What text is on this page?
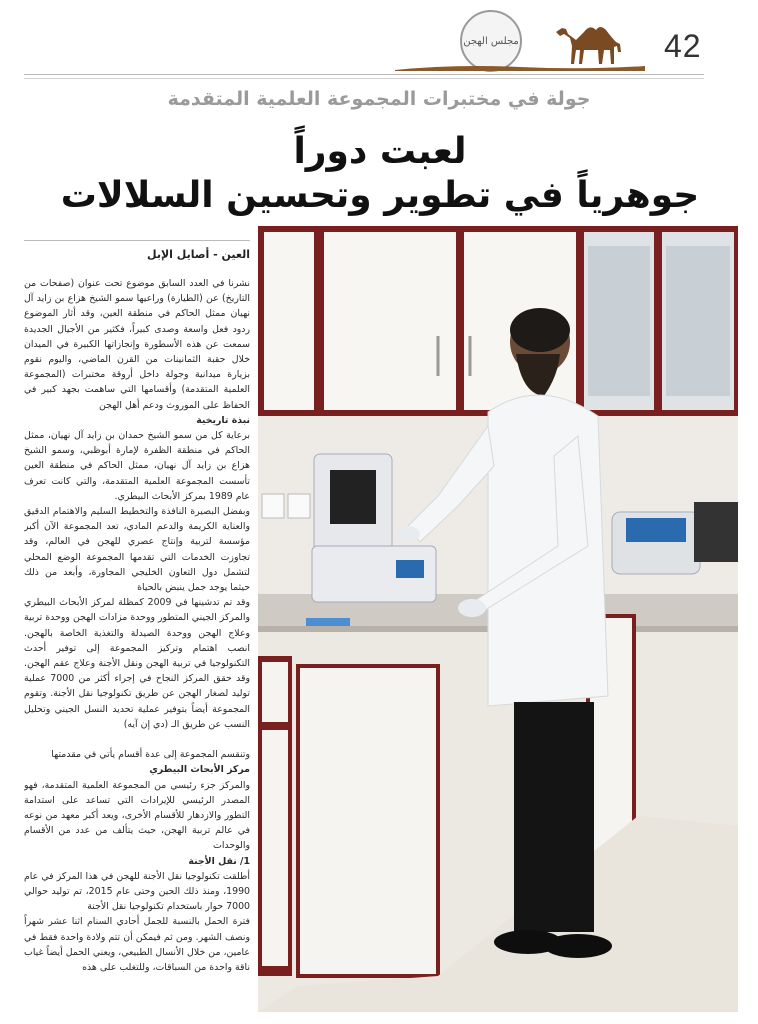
مجلس الهجن	42
جولة في مختبرات المجموعة العلمية المتقدمة
لعبت دوراً
جوهرياً في تطوير وتحسين السلالات
العين - أصايل الإبل

نشرنا في العدد السابق موضوع تحت عنوان (صفحات من التاريخ) عن (الطيارة) وراعيها سمو الشيخ هزاع بن زايد آل نهيان ممثل الحاكم في منطقة العين، وقد أثار الموضوع ردود فعل واسعة وصدى كبيراً، فكثير من الأجيال الجديدة سمعت عن هذه الأسطورة وإنجازاتها الكبيرة في الميدان خلال حقبة الثمانينات من القرن الماضي، واليوم نقوم بزيارة ميدانية وجولة داخل أروقة مختبرات (المجموعة العلمية المتقدمة) وأقسامها التي ساهمت بجهد كبير في الحفاظ على الموروث ودعم أهل الهجن

نبذة تاريخية

برعاية كل من سمو الشيخ حمدان بن زايد آل نهيان، ممثل الحاكم في منطقة الظفرة لإمارة أبوظبي، وسمو الشيخ هزاع بن زايد آل نهيان، ممثل الحاكم في منطقة العين تأسست المجموعة العلمية المتقدمة، والتي كانت تعرف عام 1989 بمركز الأبحاث البيطري.

وبفضل البصيرة النافذة والتخطيط السليم والاهتمام الدقيق والعناية الكريمة والدعم المادي، تعد المجموعة الآن أكبر مؤسسة لتربية وإنتاج عصري للهجن في العالم، وقد تجاوزت الخدمات التي تقدمها المجموعة الوضع المحلي لتشمل دول التعاون الخليجي المجاورة، وأبعد من ذلك حيثما يوجد جمل ينبض بالحياة

وقد تم تدشينها في 2009 كمظلة لمركز الأبحاث البيطري والمركز الجيني المتطور ووحدة مزادات الهجن ووحدة تربية وعلاج الهجن ووحدة الصيدلة والتغذية الخاصة بالهجن. انصب اهتمام وتركيز المجموعة إلى توفير أحدث التكنولوجيا في تربية الهجن ونقل الأجنة وعلاج عقم الهجن. وقد حقق المركز النجاح في إجراء أكثر من 7000 عملية توليد لصغار الهجن عن طريق تكنولوجيا نقل الأجنة. وتقوم المجموعة أيضاً بتوفير عملية تحديد النسل الجيني وتحليل النسب عن طريق الـ (دي إن آيه)

وتنقسم المجموعة إلى عدة أقسام يأتي في مقدمتها

مركز الأبحاث البيطري

والمركز جزء رئيسي من المجموعة العلمية المتقدمة، فهو المصدر الرئيسي للإيرادات التي تساعد على استدامة التطور والازدهار للأقسام الأخرى، ويعد أكبر معهد من نوعه في عالم تربية الهجن، حيث يتألف من عدد من الأقسام والوحدات

1/ نقل الأجنة

أطلقت تكنولوجيا نقل الأجنة للهجن في هذا المركز في عام 1990، ومنذ ذلك الحين وحتى عام 2015، تم توليد حوالي 7000 حوار باستخدام تكنولوجيا نقل الأجنة

فترة الحمل بالنسبة للجمل أحادي السنام اثنا عشر شهراً ونصف الشهر. ومن ثم فيمكن أن تتم ولادة واحدة فقط في عامين، من خلال الأنسال الطبيعي، ويعني الحمل أيضاً غياب ناقة واحدة من السباقات، وللتغلب على هذه
